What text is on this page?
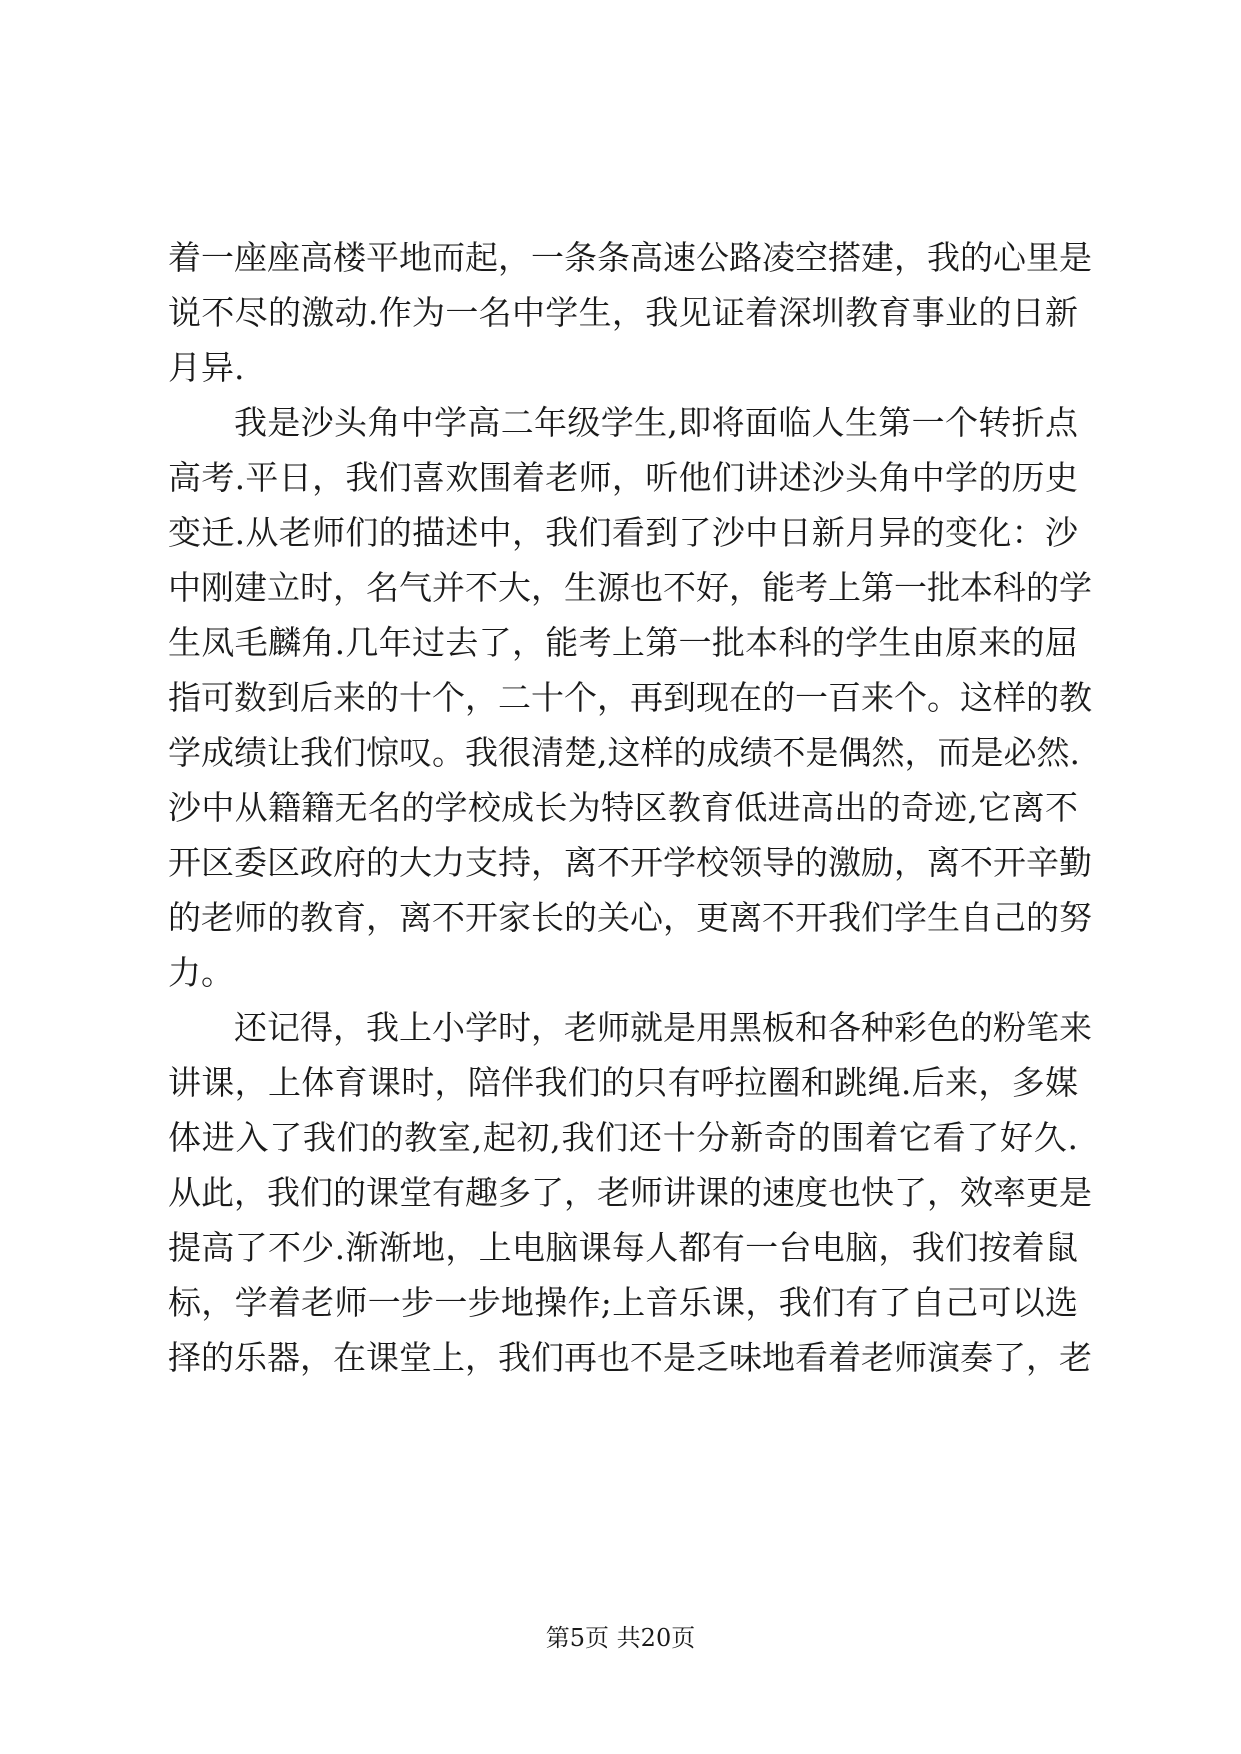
着一座座高楼平地而起，一条条高速公路凌空搭建，我的心里是
说不尽的激动.作为一名中学生，我见证着深圳教育事业的日新
月异.
我是沙头角中学高二年级学生,即将面临人生第一个转折点
高考.平日，我们喜欢围着老师，听他们讲述沙头角中学的历史
变迁.从老师们的描述中，我们看到了沙中日新月异的变化：沙
中刚建立时，名气并不大，生源也不好，能考上第一批本科的学
生凤毛麟角.几年过去了，能考上第一批本科的学生由原来的屈
指可数到后来的十个，二十个，再到现在的一百来个。这样的教
学成绩让我们惊叹。我很清楚,这样的成绩不是偶然，而是必然.
沙中从籍籍无名的学校成长为特区教育低进高出的奇迹,它离不
开区委区政府的大力支持，离不开学校领导的激励，离不开辛勤
的老师的教育，离不开家长的关心，更离不开我们学生自己的努
力。
还记得，我上小学时，老师就是用黑板和各种彩色的粉笔来
讲课，上体育课时，陪伴我们的只有呼拉圈和跳绳.后来，多媒
体进入了我们的教室,起初,我们还十分新奇的围着它看了好久.
从此，我们的课堂有趣多了，老师讲课的速度也快了，效率更是
提高了不少.渐渐地，上电脑课每人都有一台电脑，我们按着鼠
标，学着老师一步一步地操作;上音乐课，我们有了自己可以选
择的乐器，在课堂上，我们再也不是乏味地看着老师演奏了，老
第5页 共20页
